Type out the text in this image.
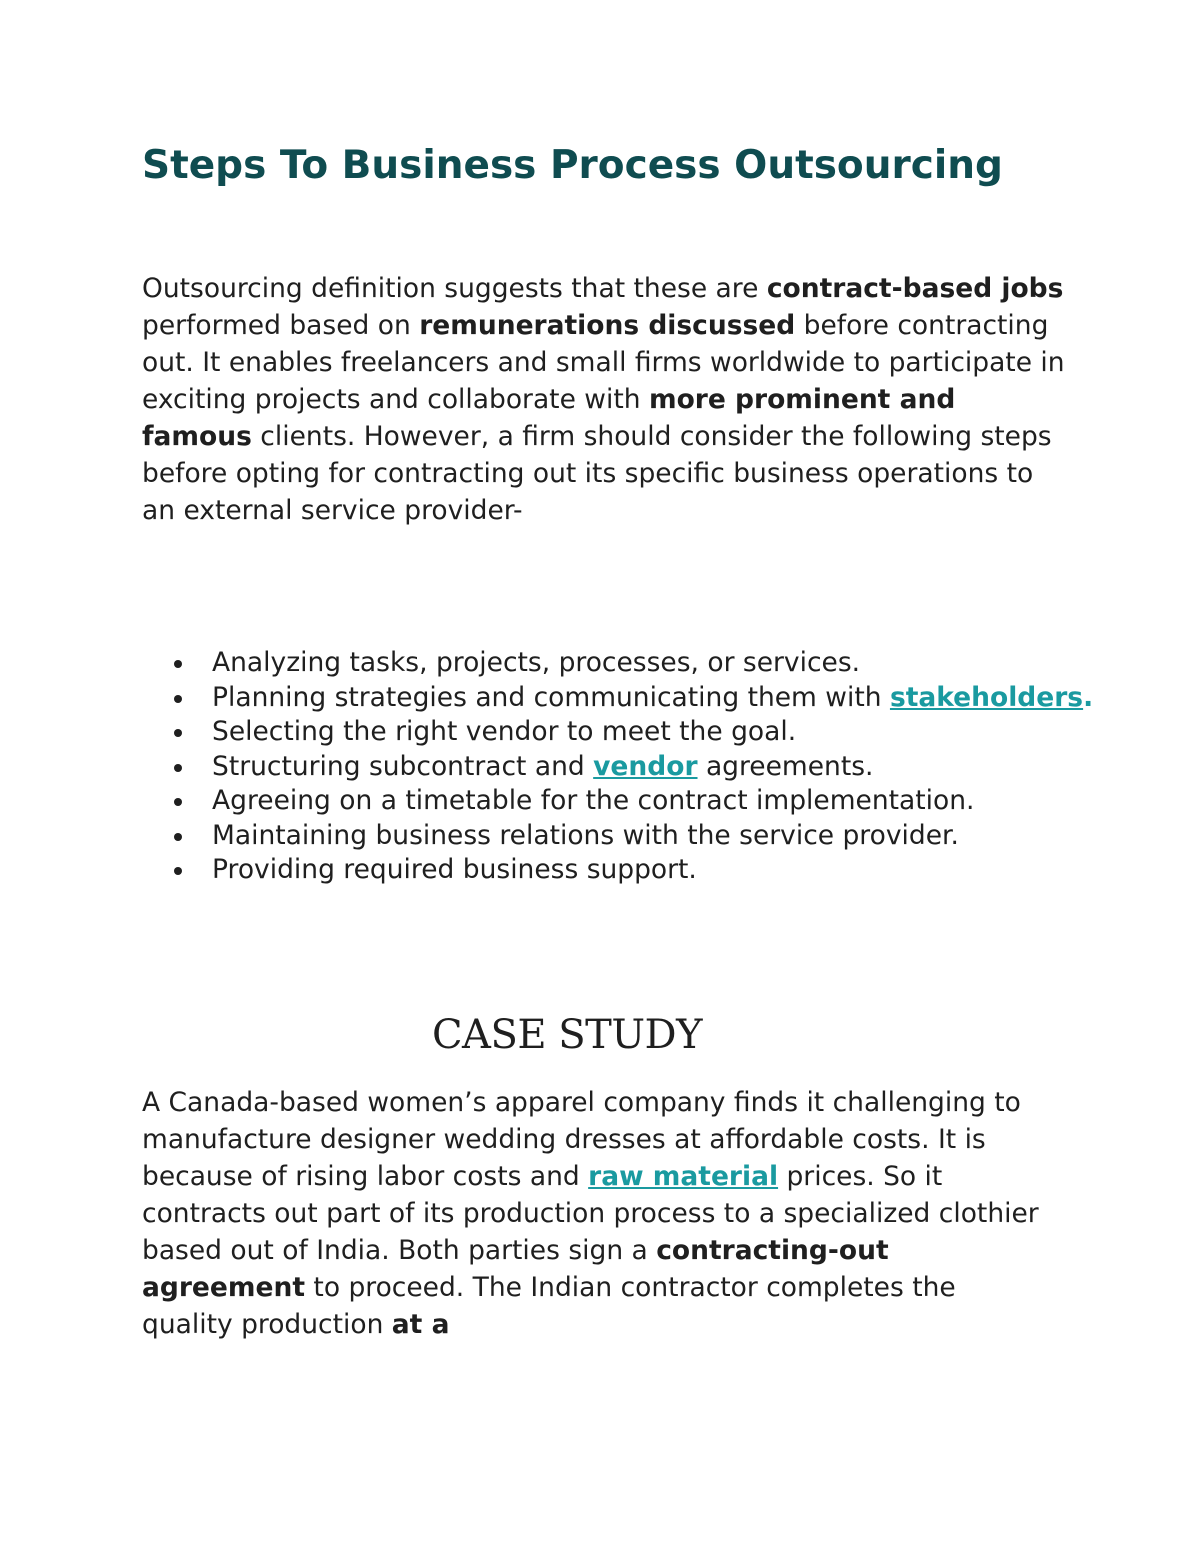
Steps To Business Process Outsourcing

Outsourcing definition suggests that these are contract-based jobs performed based on remunerations discussed before contracting out. It enables freelancers and small firms worldwide to participate in exciting projects and collaborate with more prominent and famous clients. However, a firm should consider the following steps before opting for contracting out its specific business operations to an external service provider-

Analyzing tasks, projects, processes, or services.
Planning strategies and communicating them with stakeholders.
Selecting the right vendor to meet the goal.
Structuring subcontract and vendor agreements.
Agreeing on a timetable for the contract implementation.
Maintaining business relations with the service provider.
Providing required business support.
CASE STUDY

A Canada-based women’s apparel company finds it challenging to manufacture designer wedding dresses at affordable costs. It is because of rising labor costs and raw material prices. So it contracts out part of its production process to a specialized clothier based out of India. Both parties sign a contracting-out agreement to proceed. The Indian contractor completes the quality production at a
